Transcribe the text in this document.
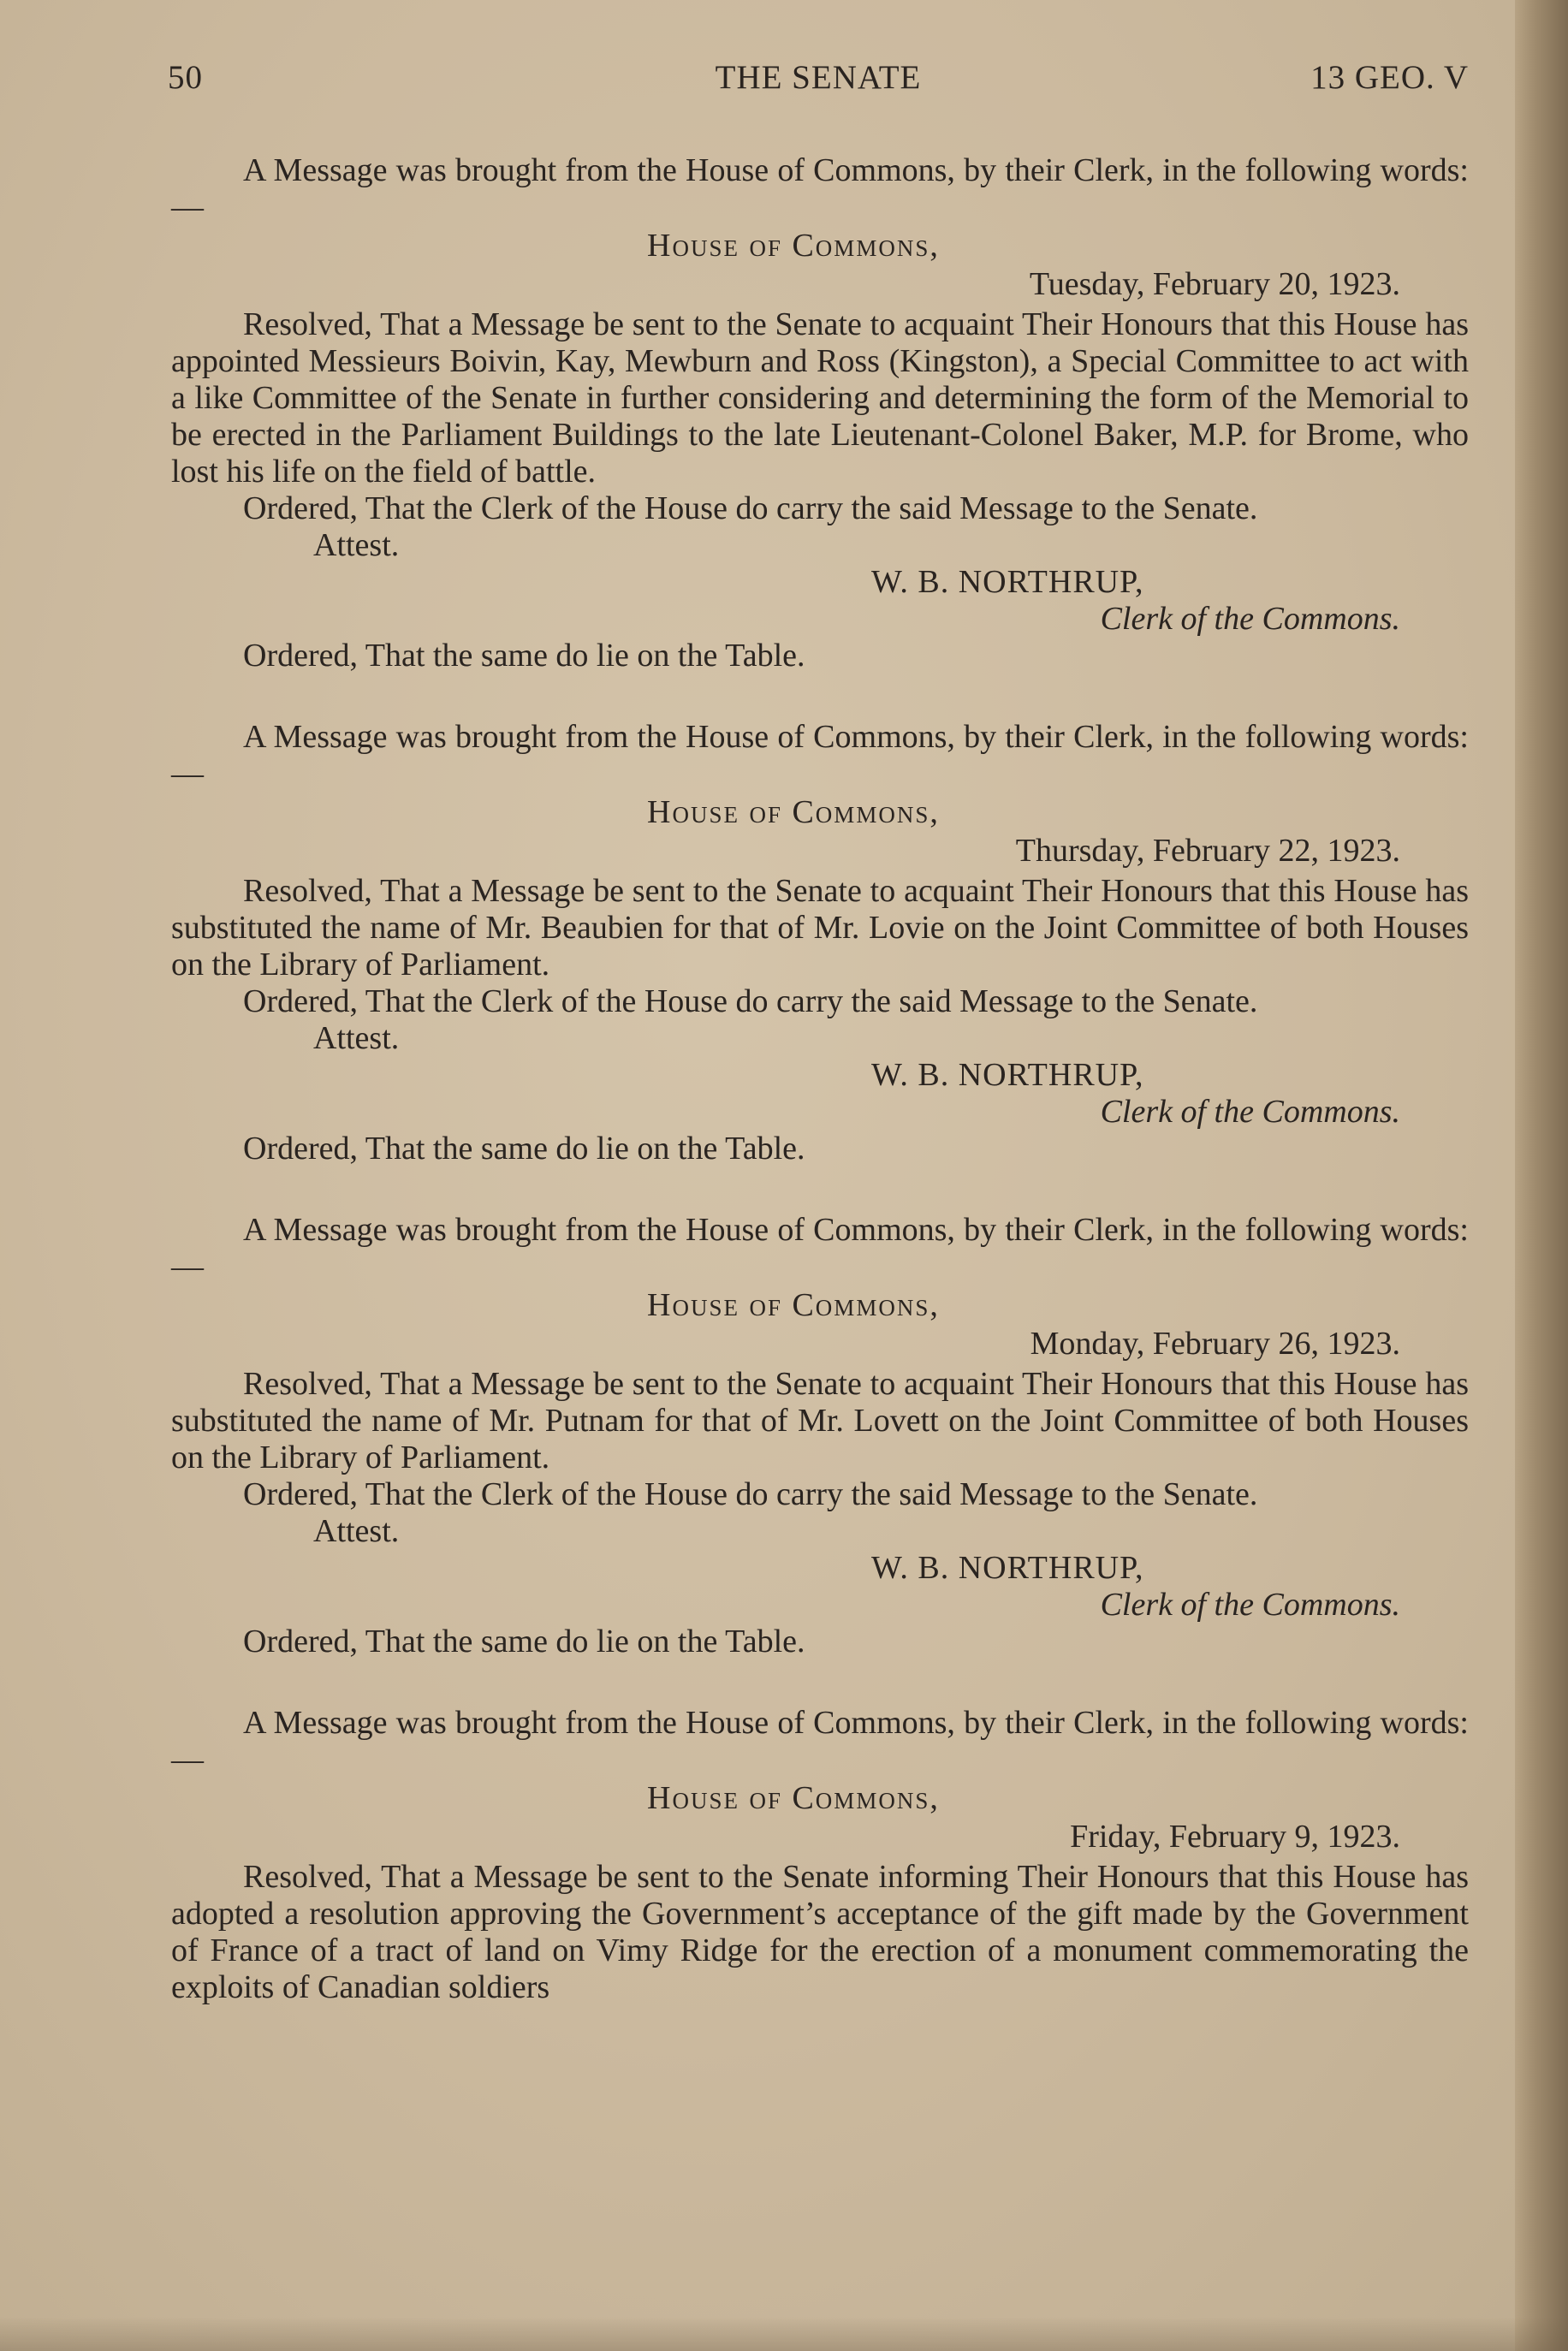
THE SENATE
50	13 GEO. V

A Message was brought from the House of Commons, by their Clerk, in the following words:—

House of Commons,
Tuesday, February 20, 1923.

Resolved, That a Message be sent to the Senate to acquaint Their Honours that this House has appointed Messieurs Boivin, Kay, Mewburn and Ross (Kingston), a Special Committee to act with a like Committee of the Senate in further considering and determining the form of the Memorial to be erected in the Parliament Buildings to the late Lieutenant-Colonel Baker, M.P. for Brome, who lost his life on the field of battle.

Ordered, That the Clerk of the House do carry the said Message to the Senate.

Attest.
W. B. NORTHRUP,
Clerk of the Commons.
Ordered, That the same do lie on the Table.

A Message was brought from the House of Commons, by their Clerk, in the following words:—

House of Commons,
Thursday, February 22, 1923.

Resolved, That a Message be sent to the Senate to acquaint Their Honours that this House has substituted the name of Mr. Beaubien for that of Mr. Lovie on the Joint Committee of both Houses on the Library of Parliament.

Ordered, That the Clerk of the House do carry the said Message to the Senate.

Attest.
W. B. NORTHRUP,
Clerk of the Commons.
Ordered, That the same do lie on the Table.

A Message was brought from the House of Commons, by their Clerk, in the following words:—

House of Commons,
Monday, February 26, 1923.

Resolved, That a Message be sent to the Senate to acquaint Their Honours that this House has substituted the name of Mr. Putnam for that of Mr. Lovett on the Joint Committee of both Houses on the Library of Parliament.

Ordered, That the Clerk of the House do carry the said Message to the Senate.

Attest.
W. B. NORTHRUP,
Clerk of the Commons.
Ordered, That the same do lie on the Table.

A Message was brought from the House of Commons, by their Clerk, in the following words:—

House of Commons,
Friday, February 9, 1923.

Resolved, That a Message be sent to the Senate informing Their Honours that this House has adopted a resolution approving the Government’s acceptance of the gift made by the Government of France of a tract of land on Vimy Ridge for the erection of a monument commemorating the exploits of Canadian soldiers
